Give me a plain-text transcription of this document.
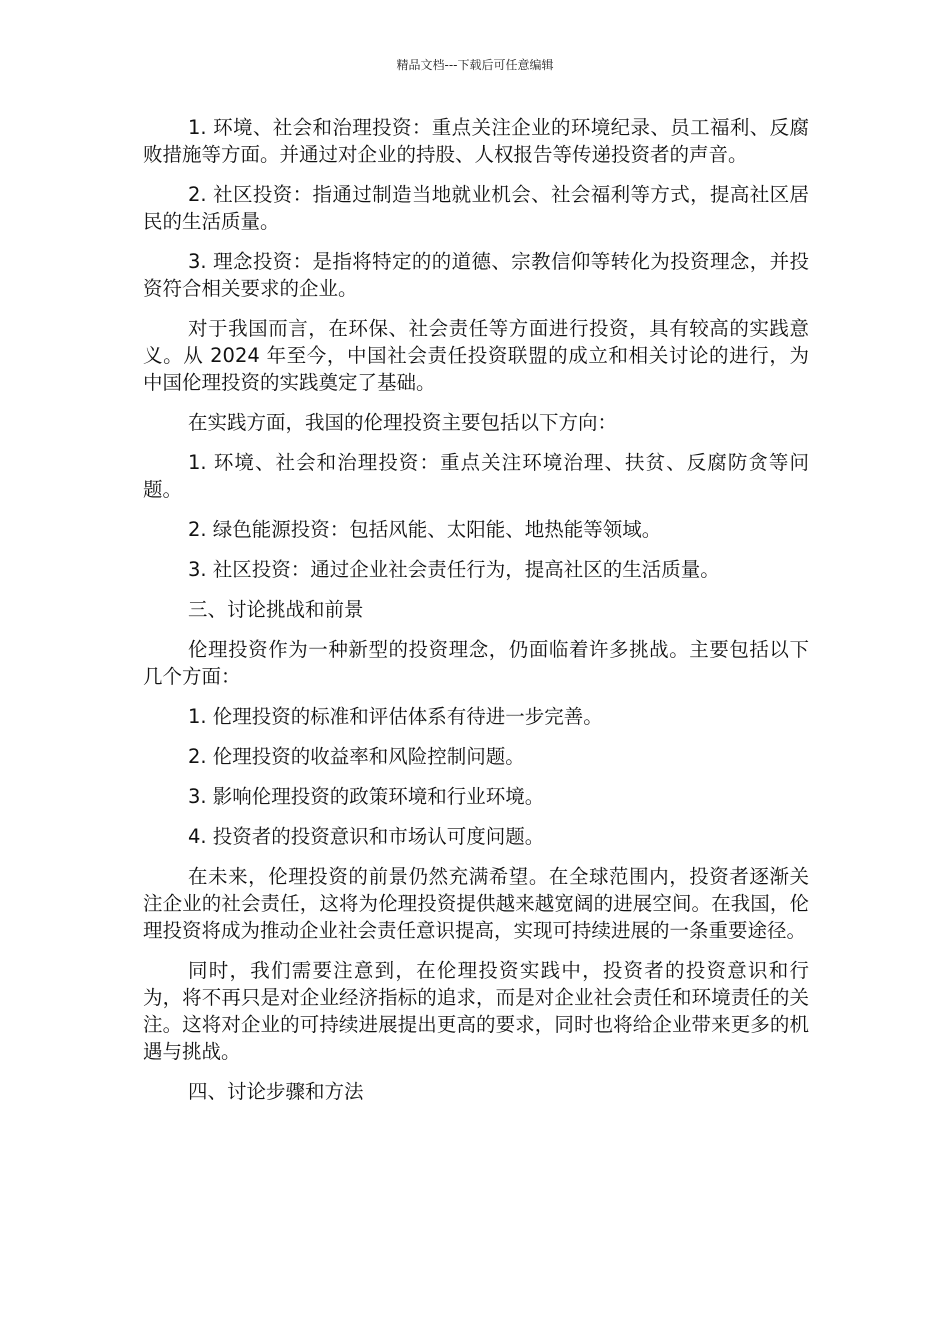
精品文档---下载后可任意编辑

1. 环境、社会和治理投资：重点关注企业的环境纪录、员工福利、反腐败措施等方面。并通过对企业的持股、人权报告等传递投资者的声音。

2. 社区投资：指通过制造当地就业机会、社会福利等方式，提高社区居民的生活质量。

3. 理念投资：是指将特定的的道德、宗教信仰等转化为投资理念，并投资符合相关要求的企业。

对于我国而言，在环保、社会责任等方面进行投资，具有较高的实践意义。从 2024 年至今，中国社会责任投资联盟的成立和相关讨论的进行，为中国伦理投资的实践奠定了基础。

在实践方面，我国的伦理投资主要包括以下方向：

1. 环境、社会和治理投资：重点关注环境治理、扶贫、反腐防贪等问题。

2. 绿色能源投资：包括风能、太阳能、地热能等领域。

3. 社区投资：通过企业社会责任行为，提高社区的生活质量。

三、讨论挑战和前景

伦理投资作为一种新型的投资理念，仍面临着许多挑战。主要包括以下几个方面：

1. 伦理投资的标准和评估体系有待进一步完善。

2. 伦理投资的收益率和风险控制问题。

3. 影响伦理投资的政策环境和行业环境。

4. 投资者的投资意识和市场认可度问题。

在未来，伦理投资的前景仍然充满希望。在全球范围内，投资者逐渐关注企业的社会责任，这将为伦理投资提供越来越宽阔的进展空间。在我国，伦理投资将成为推动企业社会责任意识提高，实现可持续进展的一条重要途径。

同时，我们需要注意到，在伦理投资实践中，投资者的投资意识和行为，将不再只是对企业经济指标的追求，而是对企业社会责任和环境责任的关注。这将对企业的可持续进展提出更高的要求，同时也将给企业带来更多的机遇与挑战。

四、讨论步骤和方法
